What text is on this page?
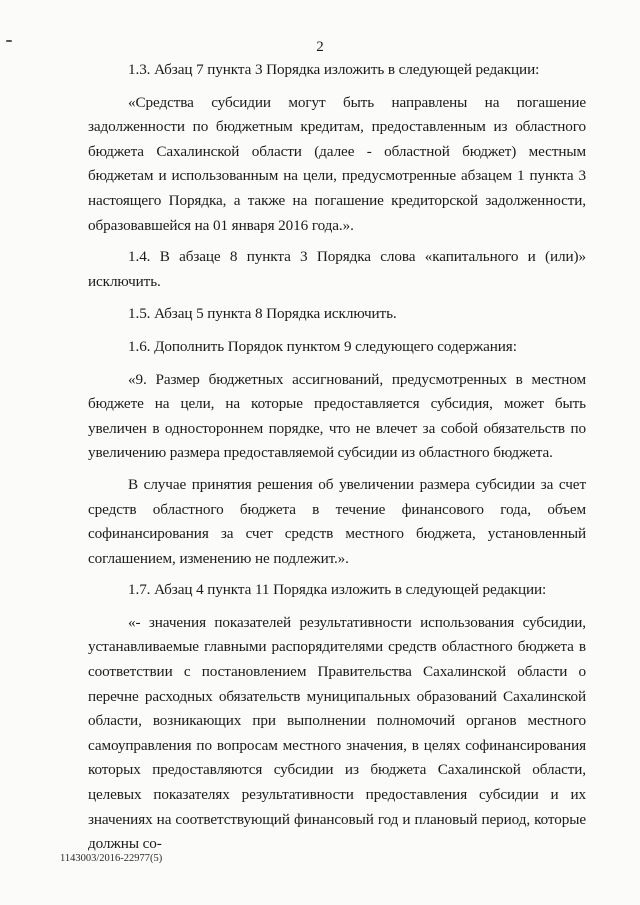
2

1.3. Абзац 7 пункта 3 Порядка изложить в следующей редакции:

«Средства субсидии могут быть направлены на погашение задолженности по бюджетным кредитам, предоставленным из областного бюджета Сахалинской области (далее - областной бюджет) местным бюджетам и использованным на цели, предусмотренные абзацем 1 пункта 3 настоящего Порядка, а также на погашение кредиторской задолженности, образовавшейся на 01 января 2016 года.».

1.4. В абзаце 8 пункта 3 Порядка слова «капитального и (или)» исключить.

1.5. Абзац 5 пункта 8 Порядка исключить.

1.6. Дополнить Порядок пунктом 9 следующего содержания:

«9. Размер бюджетных ассигнований, предусмотренных в местном бюджете на цели, на которые предоставляется субсидия, может быть увеличен в одностороннем порядке, что не влечет за собой обязательств по увеличению размера предоставляемой субсидии из областного бюджета.

В случае принятия решения об увеличении размера субсидии за счет средств областного бюджета в течение финансового года, объем софинансирования за счет средств местного бюджета, установленный соглашением, изменению не подлежит.».

1.7. Абзац 4 пункта 11 Порядка изложить в следующей редакции:

«- значения показателей результативности использования субсидии, устанавливаемые главными распорядителями средств областного бюджета в соответствии с постановлением Правительства Сахалинской области о перечне расходных обязательств муниципальных образований Сахалинской области, возникающих при выполнении полномочий органов местного самоуправления по вопросам местного значения, в целях софинансирования которых предоставляются субсидии из бюджета Сахалинской области, целевых показателях результативности предоставления субсидии и их значениях на соответствующий финансовый год и плановый период, которые должны со-

1143003/2016-22977(5)
